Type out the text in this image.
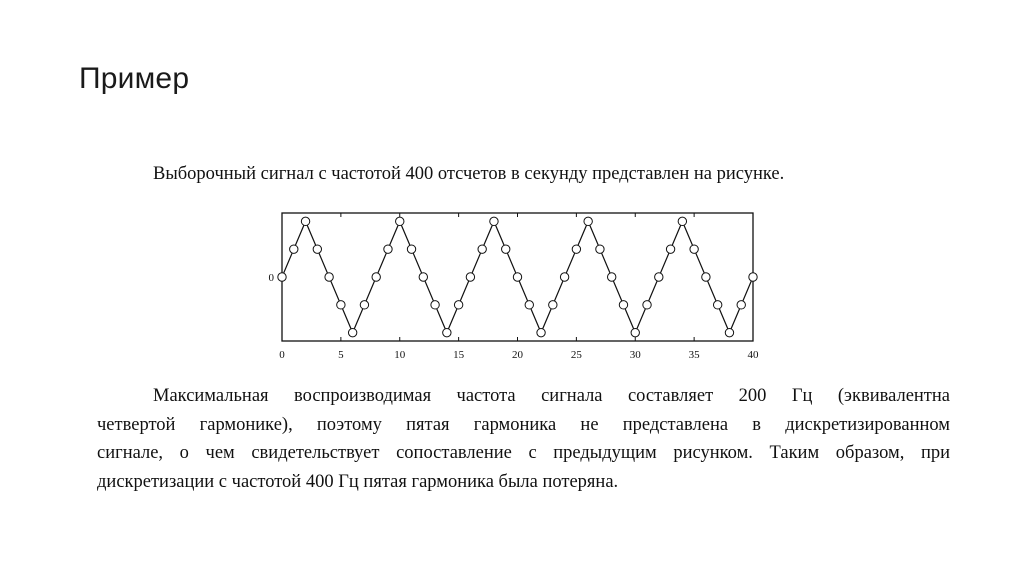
Пример
Выборочный сигнал с частотой 400 отсчетов в секунду представлен на рисунке.
0	5	10	15	20	25	30	35	40
0
Максимальная воспроизводимая частота сигнала составляет 200 Гц (эквивалентна
четвертой гармонике), поэтому пятая гармоника не представлена в дискретизированном
сигнале, о чем свидетельствует сопоставление с предыдущим рисунком. Таким образом, при
дискретизации с частотой 400 Гц пятая гармоника была потеряна.
